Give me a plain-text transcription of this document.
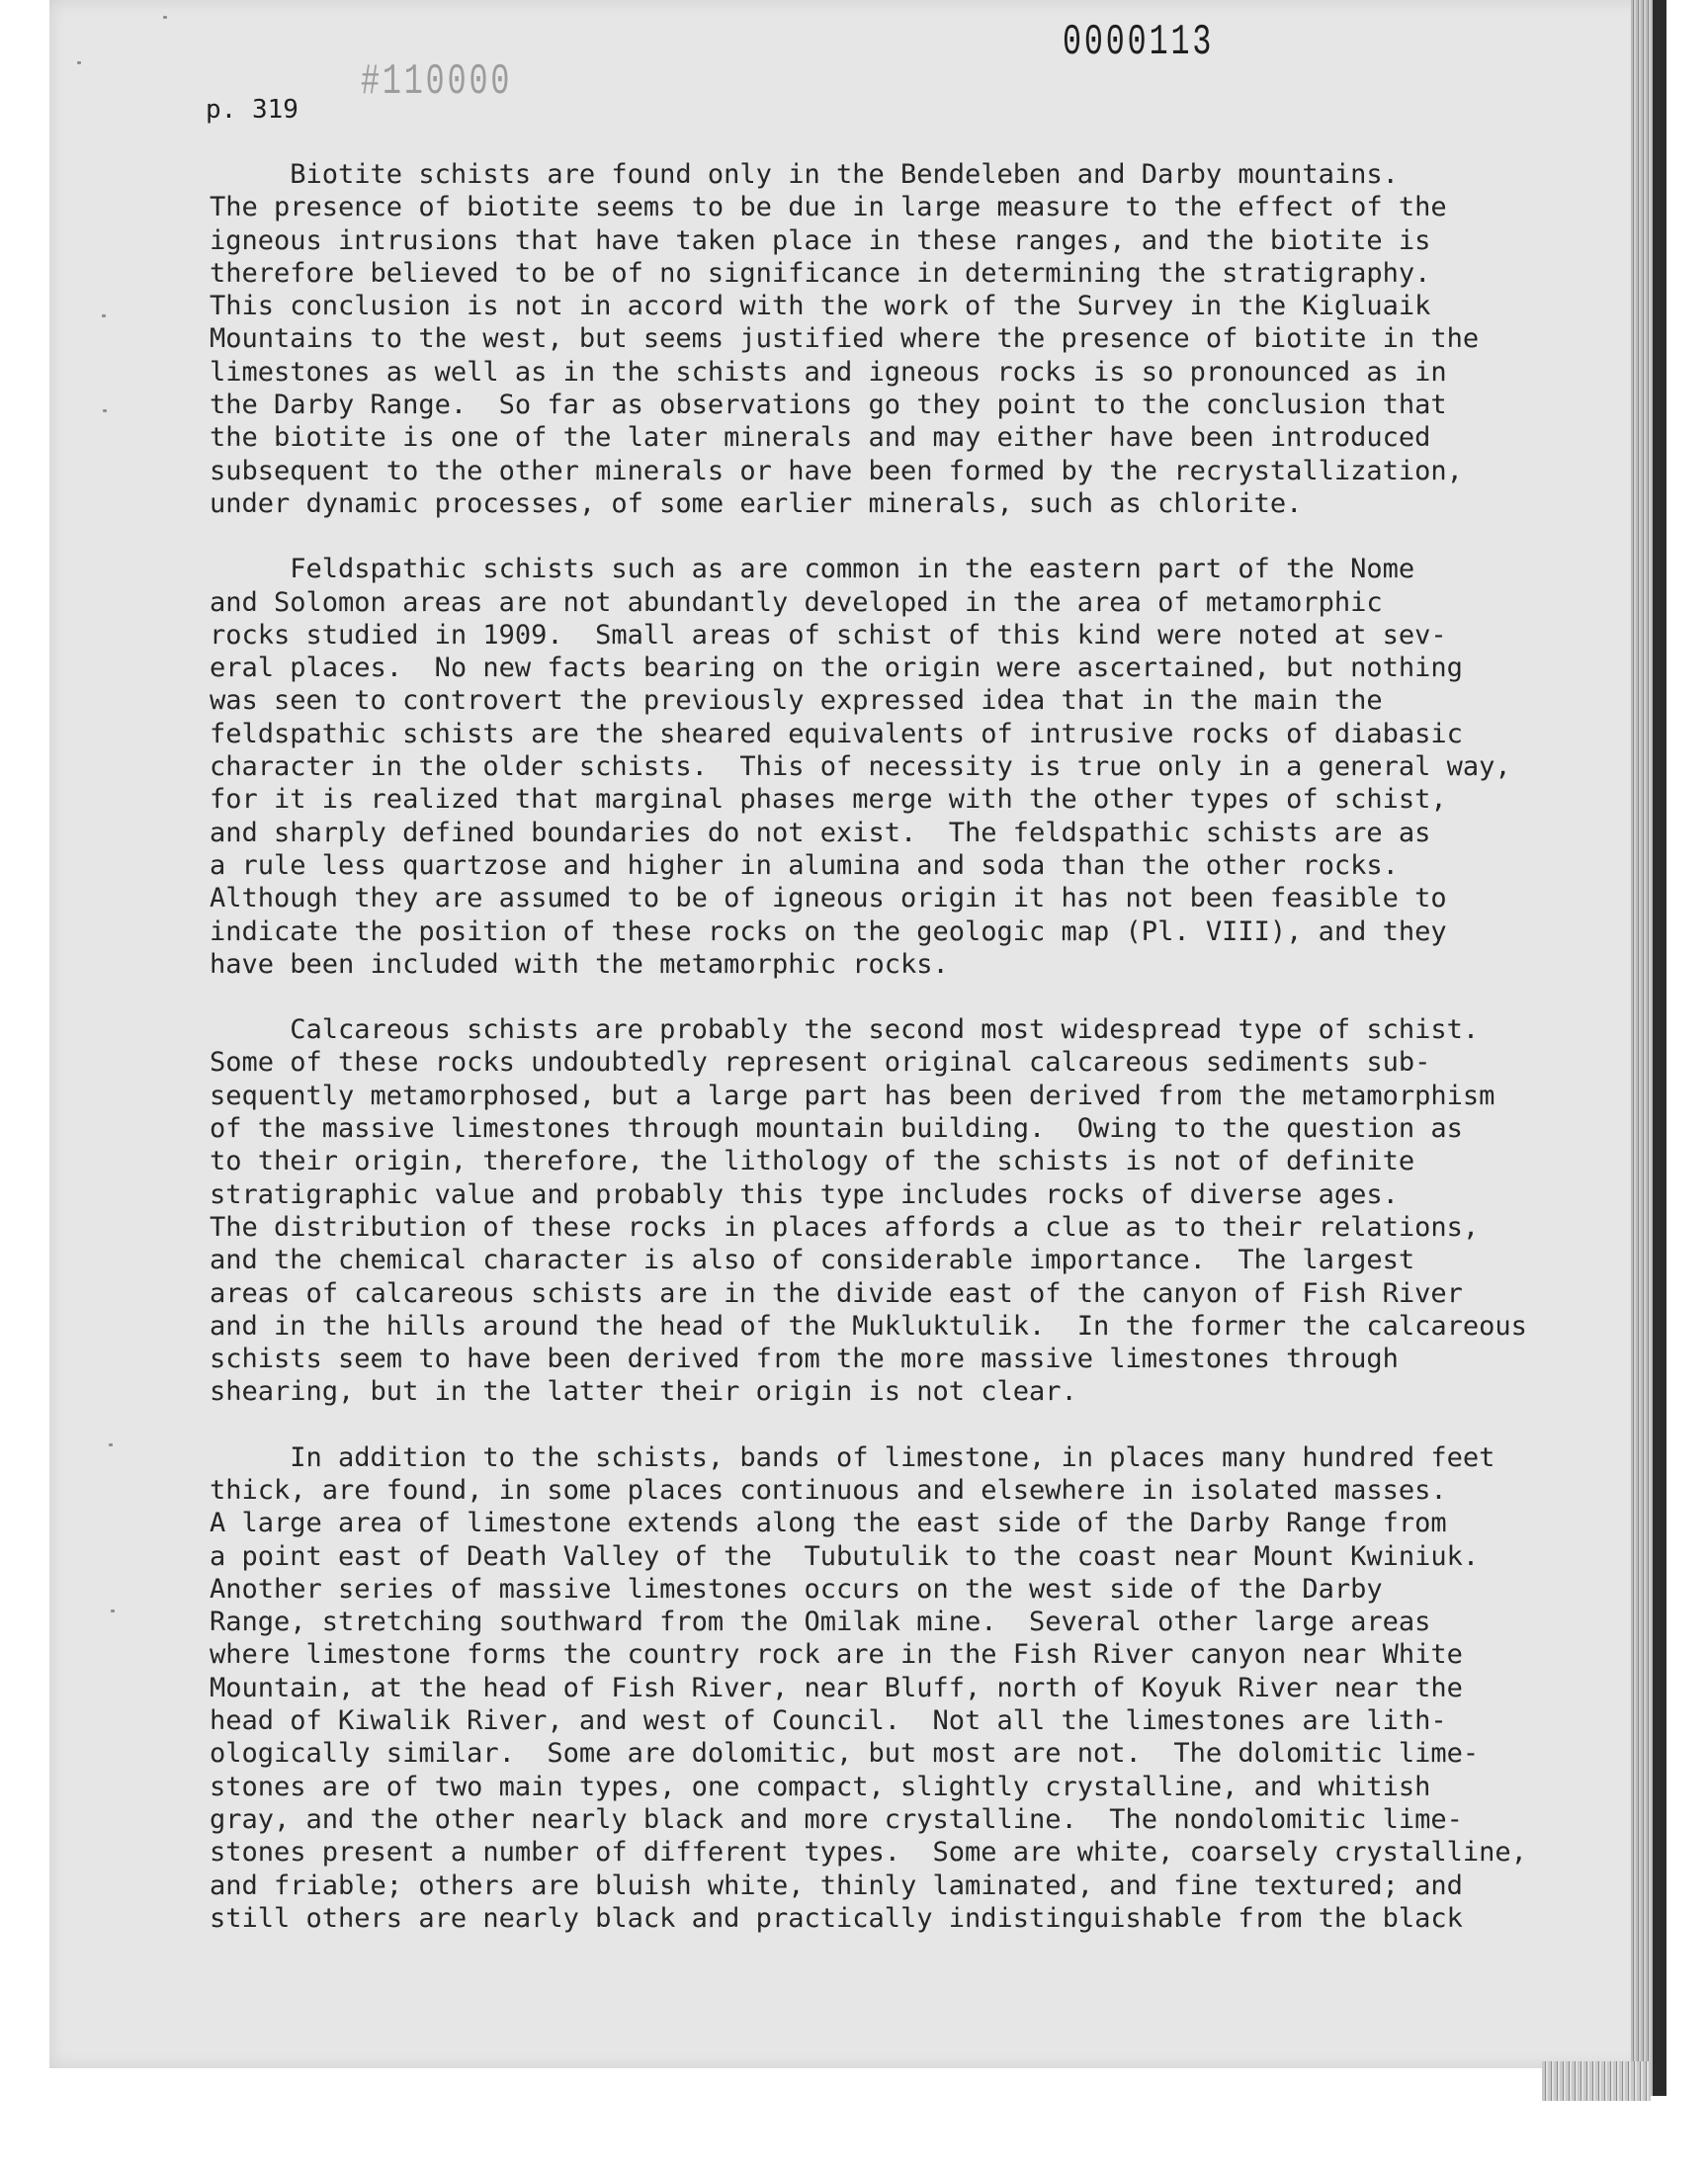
0000113
#110000
p. 319
Biotite schists are found only in the Bendeleben and Darby mountains.
The presence of biotite seems to be due in large measure to the effect of the
igneous intrusions that have taken place in these ranges, and the biotite is
therefore believed to be of no significance in determining the stratigraphy.
This conclusion is not in accord with the work of the Survey in the Kigluaik
Mountains to the west, but seems justified where the presence of biotite in the
limestones as well as in the schists and igneous rocks is so pronounced as in
the Darby Range.  So far as observations go they point to the conclusion that
the biotite is one of the later minerals and may either have been introduced
subsequent to the other minerals or have been formed by the recrystallization,
under dynamic processes, of some earlier minerals, such as chlorite.
Feldspathic schists such as are common in the eastern part of the Nome
and Solomon areas are not abundantly developed in the area of metamorphic
rocks studied in 1909.  Small areas of schist of this kind were noted at sev-
eral places.  No new facts bearing on the origin were ascertained, but nothing
was seen to controvert the previously expressed idea that in the main the
feldspathic schists are the sheared equivalents of intrusive rocks of diabasic
character in the older schists.  This of necessity is true only in a general way,
for it is realized that marginal phases merge with the other types of schist,
and sharply defined boundaries do not exist.  The feldspathic schists are as
a rule less quartzose and higher in alumina and soda than the other rocks.
Although they are assumed to be of igneous origin it has not been feasible to
indicate the position of these rocks on the geologic map (Pl. VIII), and they
have been included with the metamorphic rocks.
Calcareous schists are probably the second most widespread type of schist.
Some of these rocks undoubtedly represent original calcareous sediments sub-
sequently metamorphosed, but a large part has been derived from the metamorphism
of the massive limestones through mountain building.  Owing to the question as
to their origin, therefore, the lithology of the schists is not of definite
stratigraphic value and probably this type includes rocks of diverse ages.
The distribution of these rocks in places affords a clue as to their relations,
and the chemical character is also of considerable importance.  The largest
areas of calcareous schists are in the divide east of the canyon of Fish River
and in the hills around the head of the Mukluktulik.  In the former the calcareous
schists seem to have been derived from the more massive limestones through
shearing, but in the latter their origin is not clear.
In addition to the schists, bands of limestone, in places many hundred feet
thick, are found, in some places continuous and elsewhere in isolated masses.
A large area of limestone extends along the east side of the Darby Range from
a point east of Death Valley of the  Tubutulik to the coast near Mount Kwiniuk.
Another series of massive limestones occurs on the west side of the Darby
Range, stretching southward from the Omilak mine.  Several other large areas
where limestone forms the country rock are in the Fish River canyon near White
Mountain, at the head of Fish River, near Bluff, north of Koyuk River near the
head of Kiwalik River, and west of Council.  Not all the limestones are lith-
ologically similar.  Some are dolomitic, but most are not.  The dolomitic lime-
stones are of two main types, one compact, slightly crystalline, and whitish
gray, and the other nearly black and more crystalline.  The nondolomitic lime-
stones present a number of different types.  Some are white, coarsely crystalline,
and friable; others are bluish white, thinly laminated, and fine textured; and
still others are nearly black and practically indistinguishable from the black
